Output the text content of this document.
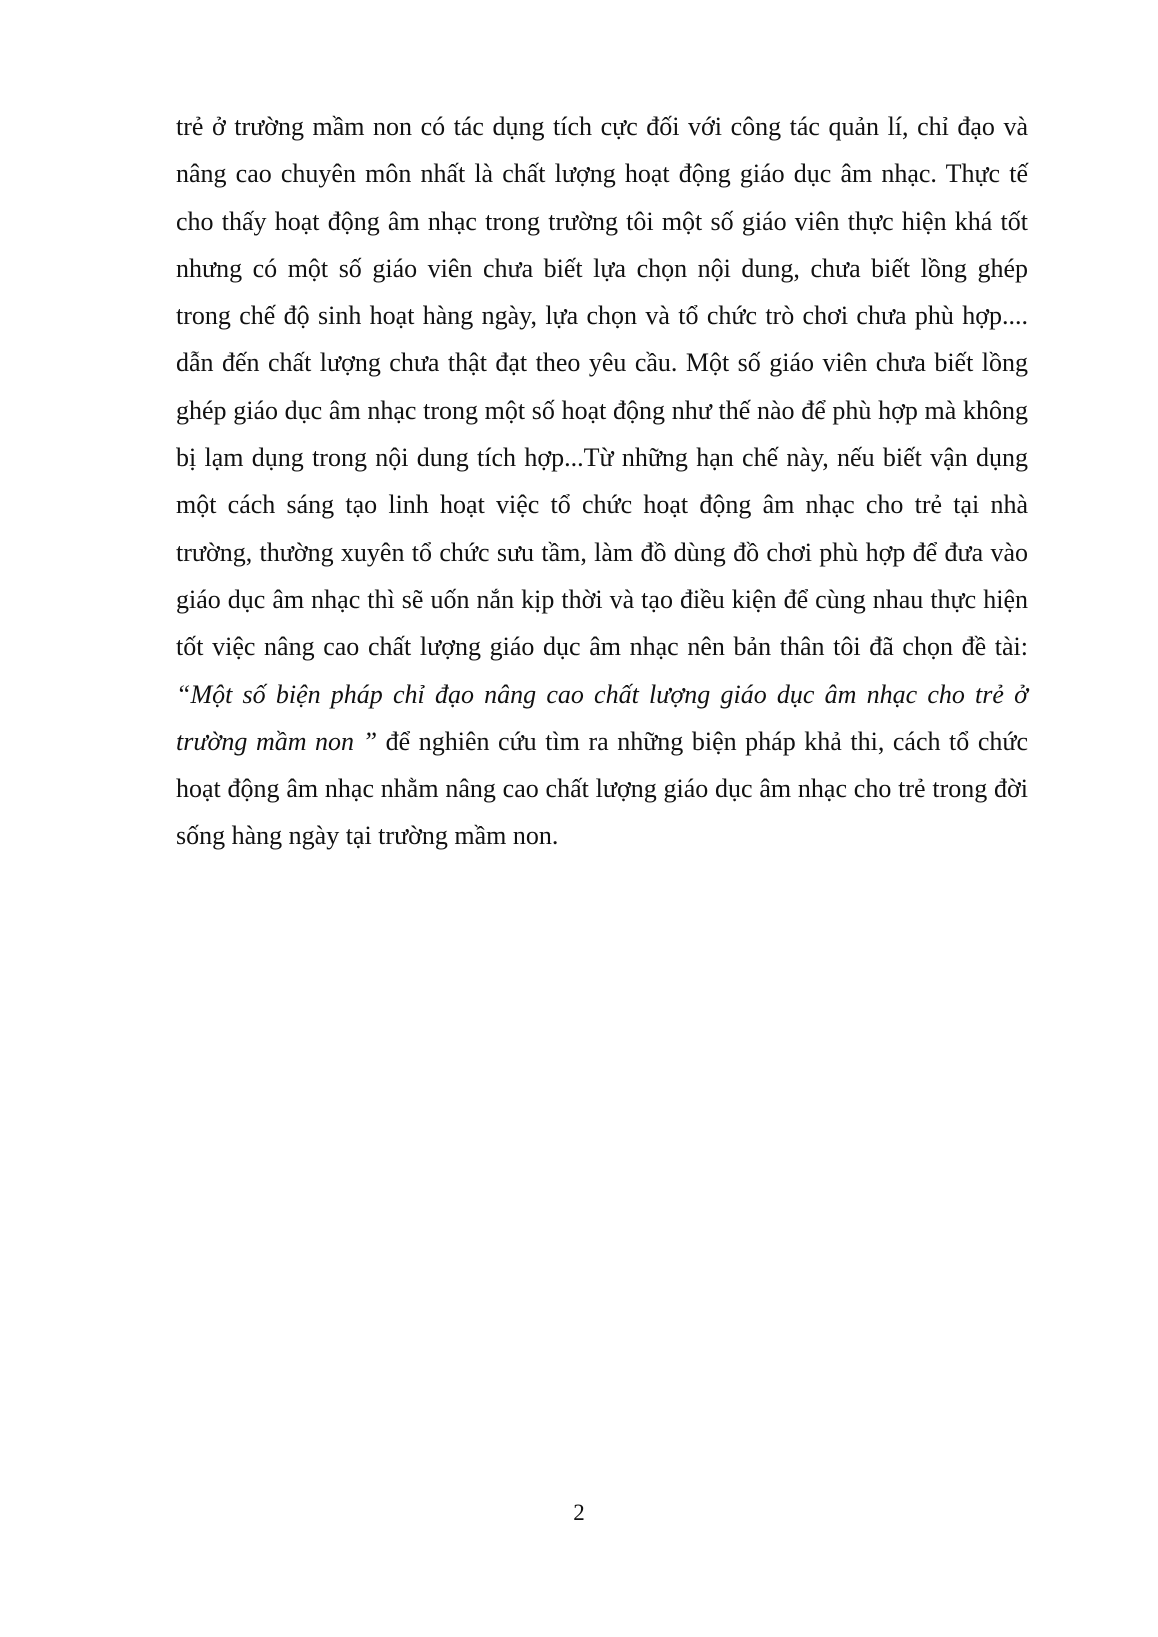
trẻ ở trường mầm non có tác dụng tích cực đối với công tác quản lí, chỉ đạo và nâng cao chuyên môn nhất là chất lượng hoạt động giáo dục âm nhạc. Thực tế cho thấy hoạt động âm nhạc trong trường tôi một số giáo viên thực hiện khá tốt nhưng có một số giáo viên chưa biết lựa chọn nội dung, chưa biết lồng ghép trong chế độ sinh hoạt hàng ngày, lựa chọn và tổ chức trò chơi chưa phù hợp.... dẫn đến chất lượng chưa thật đạt theo yêu cầu. Một số giáo viên chưa biết lồng ghép giáo dục âm nhạc trong một số hoạt động như thế nào để phù hợp mà không bị lạm dụng trong nội dung tích hợp...Từ những hạn chế này, nếu biết vận dụng một cách sáng tạo linh hoạt việc tổ chức hoạt động âm nhạc cho trẻ tại nhà trường, thường xuyên tổ chức sưu tầm, làm đồ dùng đồ chơi phù hợp để đưa vào giáo dục âm nhạc thì sẽ uốn nắn kịp thời và tạo điều kiện để cùng nhau thực hiện tốt việc nâng cao chất lượng giáo dục âm nhạc nên bản thân tôi đã chọn đề tài: “Một số biện pháp chỉ đạo nâng cao chất lượng giáo dục âm nhạc cho trẻ ở trường mầm non ” để nghiên cứu tìm ra những biện pháp khả thi, cách tổ chức hoạt động âm nhạc nhằm nâng cao chất lượng giáo dục âm nhạc cho trẻ trong đời sống hàng ngày tại trường mầm non.

2
